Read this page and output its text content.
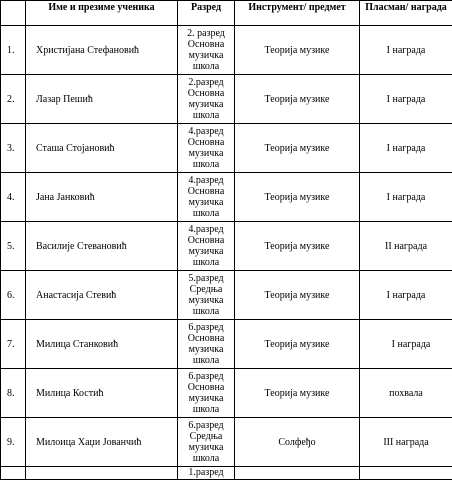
	Име и презиме ученика	Разред	Инструмент/ предмет	Пласман/ награда
1.	Христијана Стефановић	2. разред
Основна
музичка
школа	Теорија музике	I награда
2.	Лазар Пешић	2.разред
Основна
музичка
школа	Теорија музике	I награда
3.	Сташа Стојановић	4.разред
Основна
музичка
школа	Теорија музике	I награда
4.	Јана Јанковић	4.разред
Основна
музичка
школа	Теорија музике	I награда
5.	Василије Стевановић	4.разред
Основна
музичка
школа	Теорија музике	II награда
6.	Анастасија Стевић	5.разред
Средња
музичка
школа	Теорија музике	I награда
7.	Милица Станковић	6.разред
Основна
музичка
школа	Теорија музике	I награда
8.	Милица Костић	6.разред
Основна
музичка
школа	Теорија музике	похвала
9.	Милоица Хаџи Јованчић	6.разред
Средња
музичка
школа	Солфеђо	III награда
		1.разред		
